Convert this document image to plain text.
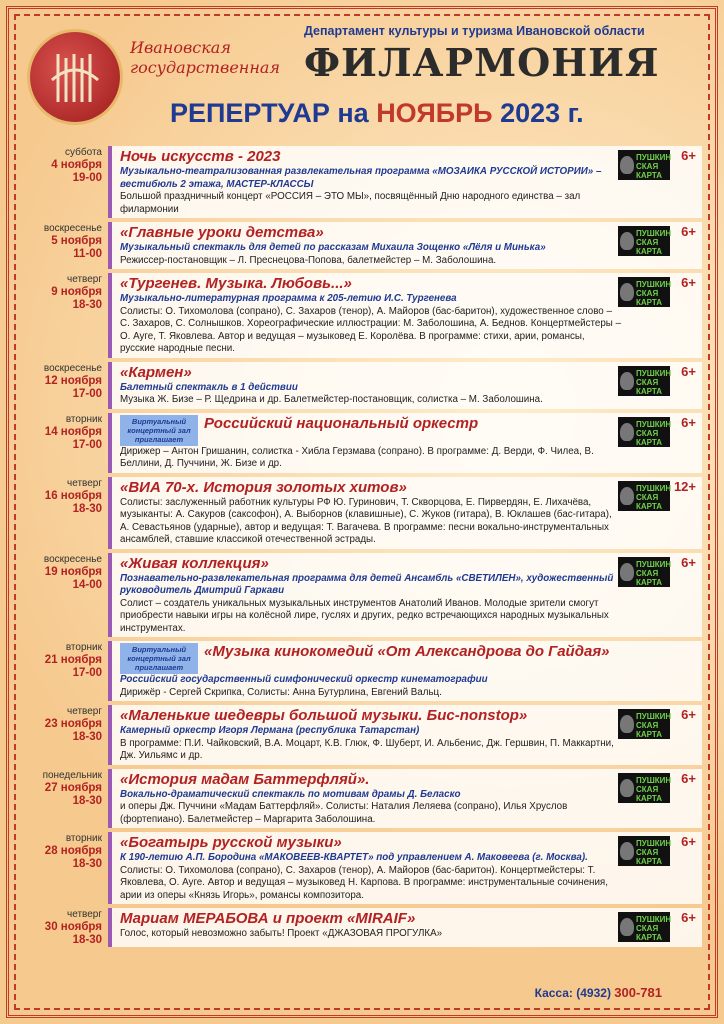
Ивановская
государственная
Департамент культуры и туризма Ивановской области
ФИЛАРМОНИЯ
РЕПЕРТУАР на НОЯБРЬ 2023 г.
суббота
4 ноября
19-00
Ночь искусств - 2023
Музыкально-театрализованная развлекательная программа «МОЗАИКА РУССКОЙ ИСТОРИИ» – вестибюль 2 этажа, МАСТЕР-КЛАССЫ
Большой праздничный концерт «РОССИЯ – ЭТО МЫ», посвящённый Дню народного единства – зал филармонии
ПУШКИН
СКАЯ
КАРТА
6+
воскресенье
5 ноября
11-00
«Главные уроки детства»
Музыкальный спектакль для детей по рассказам Михаила Зощенко «Лёля и Минька»
Режиссер-постановщик – Л. Преснецова-Попова, балетмейстер – М. Заболошина.
ПУШКИН
СКАЯ
КАРТА
6+
четверг
9 ноября
18-30
«Тургенев. Музыка. Любовь...»
Музыкально-литературная программа к 205-летию И.С. Тургенева
Солисты: О. Тихомолова (сопрано), С. Захаров (тенор), А. Майоров (бас-баритон), художественное слово – С. Захаров, С. Солнышков. Хореографические иллюстрации: М. Заболошина, А. Беднов. Концертмейстеры – О. Ауге, Т. Яковлева. Автор и ведущая – музыковед Е. Королёва. В программе: стихи, арии, романсы, русские народные песни.
ПУШКИН
СКАЯ
КАРТА
6+
воскресенье
12 ноября
17-00
«Кармен»
Балетный спектакль в 1 действии
Музыка Ж. Бизе – Р. Щедрина и др. Балетмейстер-постановщик, солистка – М. Заболошина.
ПУШКИН
СКАЯ
КАРТА
6+
вторник
14 ноября
17-00
Виртуальный концертный зал приглашаетРоссийский национальный оркестр
Дирижер – Антон Гришанин, солистка - Хибла Герзмава (сопрано). В программе: Д. Верди, Ф. Чилеа, В. Беллини, Д. Пуччини, Ж. Бизе и др.
ПУШКИН
СКАЯ
КАРТА
6+
четверг
16 ноября
18-30
«ВИА 70-х. История золотых хитов»
Солисты: заслуженный работник культуры РФ Ю. Гуринович, Т. Скворцова, Е. Пирвердян, Е. Лихачёва, музыканты: А. Сакуров (саксофон), А. Выборнов (клавишные), С. Жуков (гитара), В. Юклашев (бас-гитара), А. Севастьянов (ударные), автор и ведущая: Т. Вагачева. В программе: песни вокально-инструментальных ансамблей, ставшие классикой отечественной эстрады.
ПУШКИН
СКАЯ
КАРТА
12+
воскресенье
19 ноября
14-00
«Живая коллекция»
Познавательно-развлекательная программа для детей Ансамбль «СВЕТИЛЕН», художественный руководитель Дмитрий Гаркави
Солист – создатель уникальных музыкальных инструментов Анатолий Иванов. Молодые зрители смогут приобрести навыки игры на колёсной лире, гуслях и других, редко встречающихся народных музыкальных инструментах.
ПУШКИН
СКАЯ
КАРТА
6+
вторник
21 ноября
17-00
Виртуальный концертный зал приглашает«Музыка кинокомедий «От Александрова до Гайдая»
Российский государственный симфонический оркестр кинематографии
Дирижёр - Сергей Скрипка, Солисты: Анна Бутурлина, Евгений Вальц.
четверг
23 ноября
18-30
«Маленькие шедевры большой музыки. Бис-nonstop»
Камерный оркестр Игоря Лермана (республика Татарстан)
В программе: П.И. Чайковский, В.А. Моцарт, К.В. Глюк, Ф. Шуберт, И. Альбенис, Дж. Гершвин, П. Маккартни, Дж. Уильямс и др.
ПУШКИН
СКАЯ
КАРТА
6+
понедельник
27 ноября
18-30
«История мадам Баттерфляй».
Вокально-драматический спектакль по мотивам драмы Д. Беласко
и оперы Дж. Пуччини «Мадам Баттерфляй». Солисты: Наталия Леляева (сопрано), Илья Хруслов (фортепиано). Балетмейстер – Маргарита Заболошина.
ПУШКИН
СКАЯ
КАРТА
6+
вторник
28 ноября
18-30
«Богатырь русской музыки»
К 190-летию А.П. Бородина «МАКОВЕЕВ-КВАРТЕТ» под управлением А. Маковеева (г. Москва).
Солисты: О. Тихомолова (сопрано), С. Захаров (тенор), А. Майоров (бас-баритон). Концертмейстеры: Т. Яковлева, О. Ауге. Автор и ведущая – музыковед Н. Карпова. В программе: инструментальные сочинения, арии из оперы «Князь Игорь», романсы композитора.
ПУШКИН
СКАЯ
КАРТА
6+
четверг
30 ноября
18-30
Мариам МЕРАБОВА и проект «MIRAIF»
Голос, который невозможно забыть! Проект «ДЖАЗОВАЯ ПРОГУЛКА»
ПУШКИН
СКАЯ
КАРТА
6+
Касса: (4932) 300-781
